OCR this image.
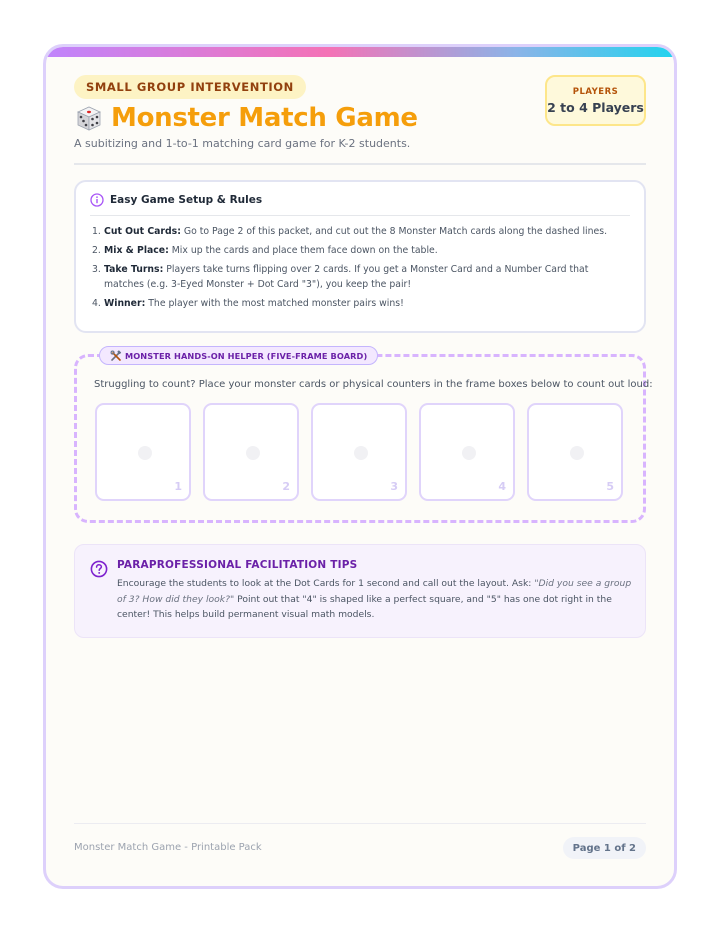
SMALL GROUP INTERVENTION
Monster Match Game
A subitizing and 1-to-1 matching card game for K-2 students.
PLAYERS
2 to 4 Players
Easy Game Setup & Rules
1. Cut Out Cards: Go to Page 2 of this packet, and cut out the 8 Monster Match cards along the dashed lines.
2. Mix & Place: Mix up the cards and place them face down on the table.
3. Take Turns: Players take turns flipping over 2 cards. If you get a Monster Card and a Number Card that matches (e.g. 3-Eyed Monster + Dot Card "3"), you keep the pair!
4. Winner: The player with the most matched monster pairs wins!
MONSTER HANDS-ON HELPER (FIVE-FRAME BOARD)
Struggling to count? Place your monster cards or physical counters in the frame boxes below to count out loud:
1	2	3	4	5
PARAPROFESSIONAL FACILITATION TIPS
Encourage the students to look at the Dot Cards for 1 second and call out the layout. Ask: "Did you see a group of 3? How did they look?" Point out that "4" is shaped like a perfect square, and "5" has one dot right in the center! This helps build permanent visual math models.
Monster Match Game - Printable Pack	Page 1 of 2
